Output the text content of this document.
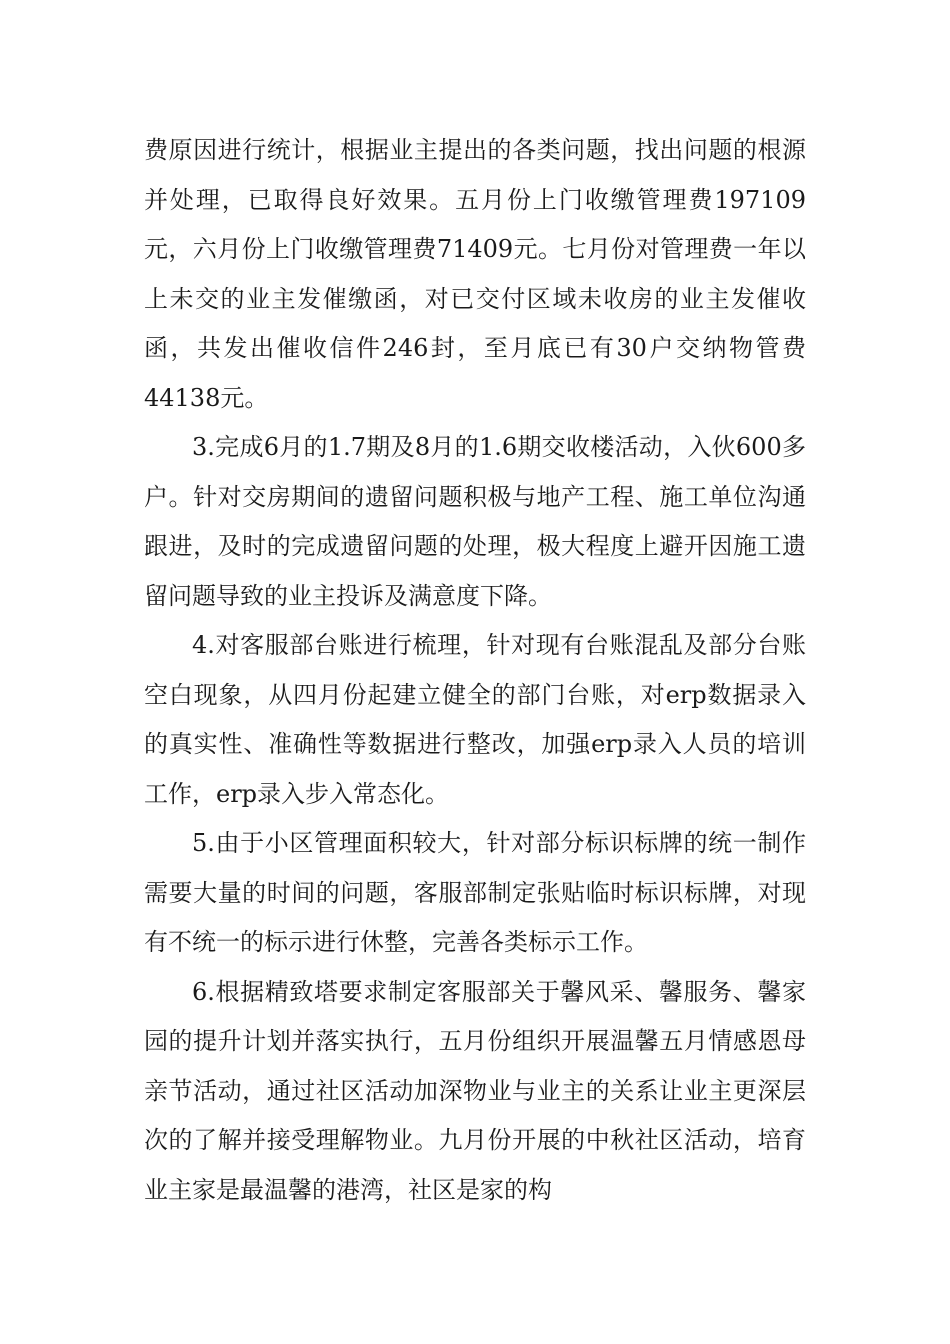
费原因进行统计，根据业主提出的各类问题，找出问题的根源并处理，已取得良好效果。五月份上门收缴管理费197109元，六月份上门收缴管理费71409元。七月份对管理费一年以上未交的业主发催缴函，对已交付区域未收房的业主发催收函，共发出催收信件246封，至月底已有30户交纳物管费44138元。

3.完成6月的1.7期及8月的1.6期交收楼活动，入伙600多户。针对交房期间的遗留问题积极与地产工程、施工单位沟通跟进，及时的完成遗留问题的处理，极大程度上避开因施工遗留问题导致的业主投诉及满意度下降。

4.对客服部台账进行梳理，针对现有台账混乱及部分台账空白现象，从四月份起建立健全的部门台账，对erp数据录入的真实性、准确性等数据进行整改，加强erp录入人员的培训工作，erp录入步入常态化。

5.由于小区管理面积较大，针对部分标识标牌的统一制作需要大量的时间的问题，客服部制定张贴临时标识标牌，对现有不统一的标示进行休整，完善各类标示工作。

6.根据精致塔要求制定客服部关于馨风采、馨服务、馨家园的提升计划并落实执行，五月份组织开展温馨五月情感恩母亲节活动，通过社区活动加深物业与业主的关系让业主更深层次的了解并接受理解物业。九月份开展的中秋社区活动，培育业主家是最温馨的港湾，社区是家的构
